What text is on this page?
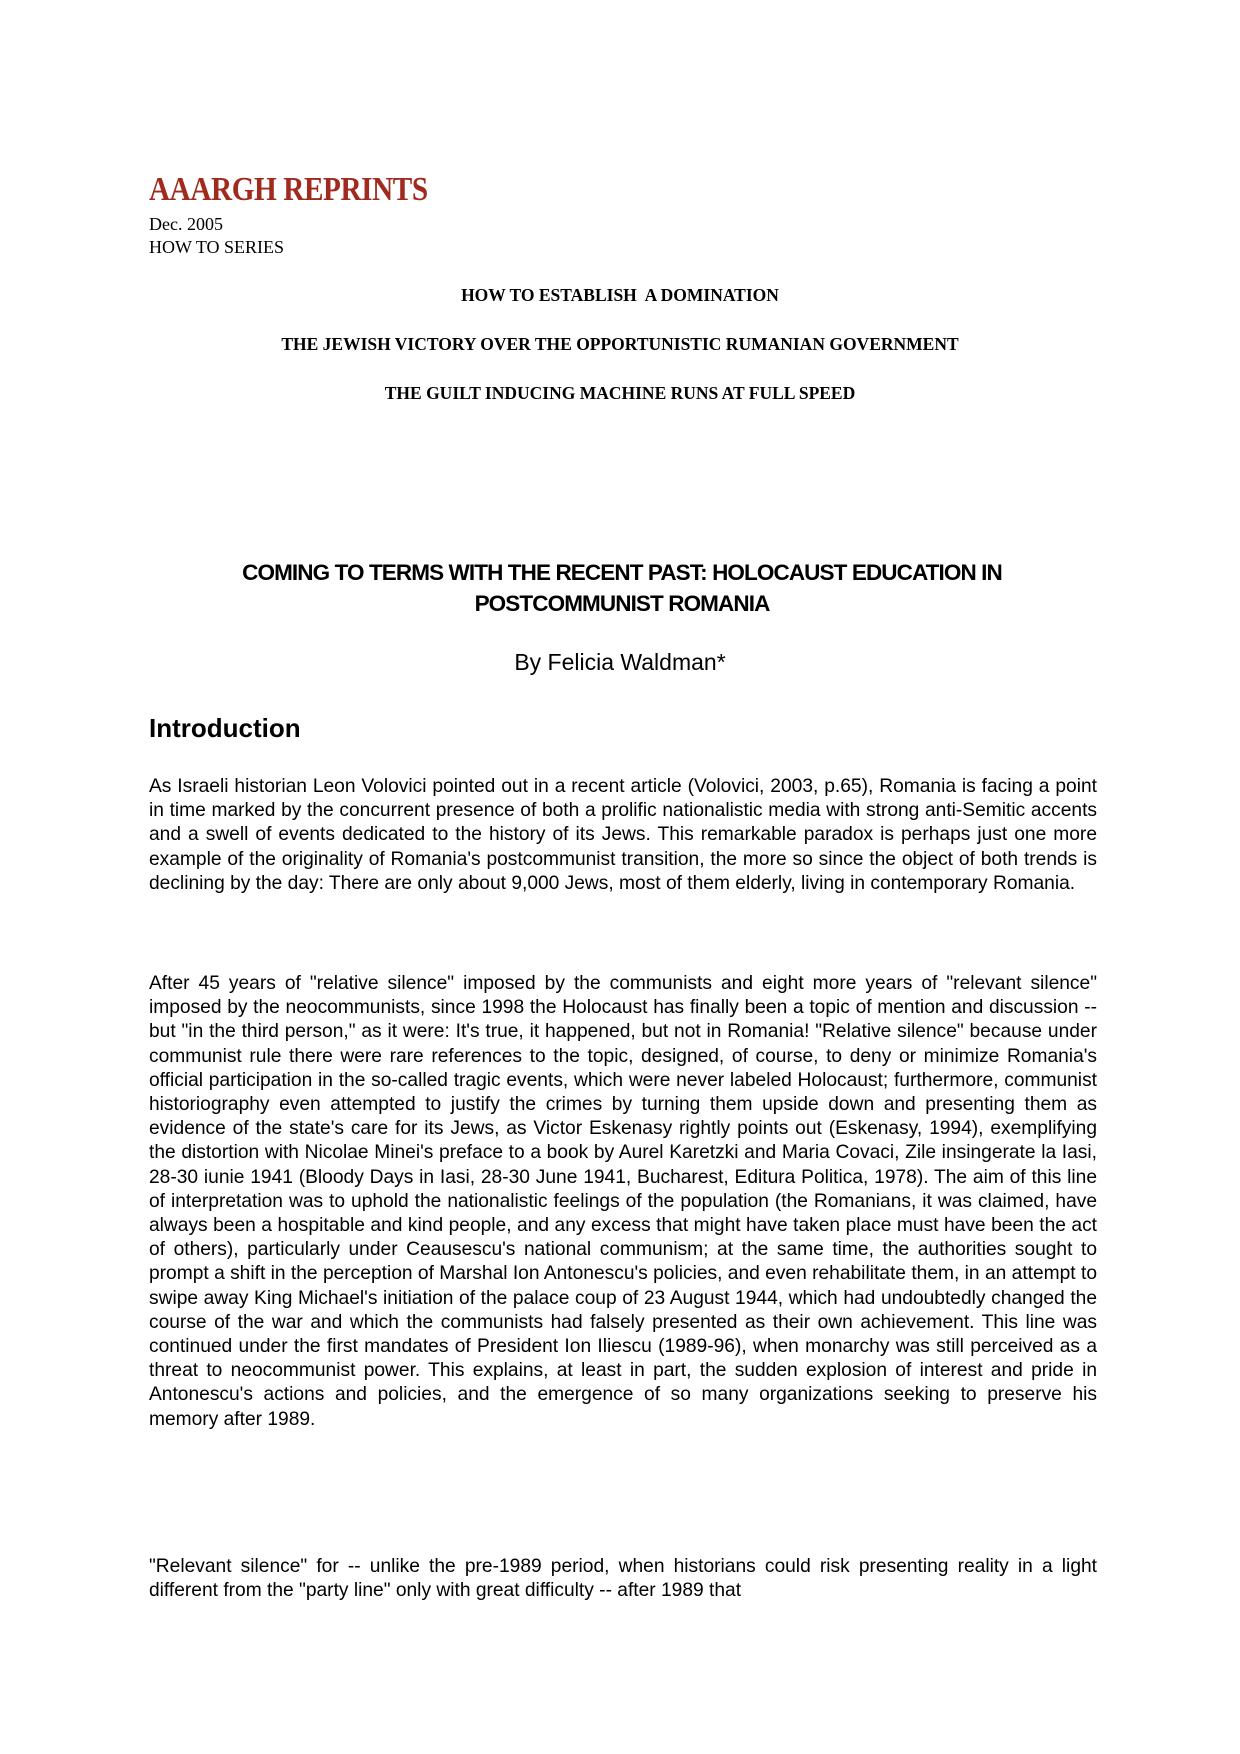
AAARGH REPRINTS
Dec. 2005
HOW TO SERIES
HOW TO ESTABLISH  A DOMINATION
THE JEWISH VICTORY OVER THE OPPORTUNISTIC RUMANIAN GOVERNMENT
THE GUILT INDUCING MACHINE RUNS AT FULL SPEED
COMING TO TERMS WITH THE RECENT PAST: HOLOCAUST EDUCATION IN POSTCOMMUNIST ROMANIA
By Felicia Waldman*
Introduction

As Israeli historian Leon Volovici pointed out in a recent article (Volovici, 2003, p.65), Romania is facing a point in time marked by the concurrent presence of both a prolific nationalistic media with strong anti-Semitic accents and a swell of events dedicated to the history of its Jews. This remarkable paradox is perhaps just one more example of the originality of Romania's postcommunist transition, the more so since the object of both trends is declining by the day: There are only about 9,000 Jews, most of them elderly, living in contemporary Romania.

After 45 years of "relative silence" imposed by the communists and eight more years of "relevant silence" imposed by the neocommunists, since 1998 the Holocaust has finally been a topic of mention and discussion -- but "in the third person," as it were: It's true, it happened, but not in Romania! "Relative silence" because under communist rule there were rare references to the topic, designed, of course, to deny or minimize Romania's official participation in the so-called tragic events, which were never labeled Holocaust; furthermore, communist historiography even attempted to justify the crimes by turning them upside down and presenting them as evidence of the state's care for its Jews, as Victor Eskenasy rightly points out (Eskenasy, 1994), exemplifying the distortion with Nicolae Minei's preface to a book by Aurel Karetzki and Maria Covaci, Zile insingerate la Iasi, 28-30 iunie 1941 (Bloody Days in Iasi, 28-30 June 1941, Bucharest, Editura Politica, 1978). The aim of this line of interpretation was to uphold the nationalistic feelings of the population (the Romanians, it was claimed, have always been a hospitable and kind people, and any excess that might have taken place must have been the act of others), particularly under Ceausescu's national communism; at the same time, the authorities sought to prompt a shift in the perception of Marshal Ion Antonescu's policies, and even rehabilitate them, in an attempt to swipe away King Michael's initiation of the palace coup of 23 August 1944, which had undoubtedly changed the course of the war and which the communists had falsely presented as their own achievement. This line was continued under the first mandates of President Ion Iliescu (1989-96), when monarchy was still perceived as a threat to neocommunist power. This explains, at least in part, the sudden explosion of interest and pride in Antonescu's actions and policies, and the emergence of so many organizations seeking to preserve his memory after 1989.

"Relevant silence" for -- unlike the pre-1989 period, when historians could risk presenting reality in a light different from the "party line" only with great difficulty -- after 1989 that
